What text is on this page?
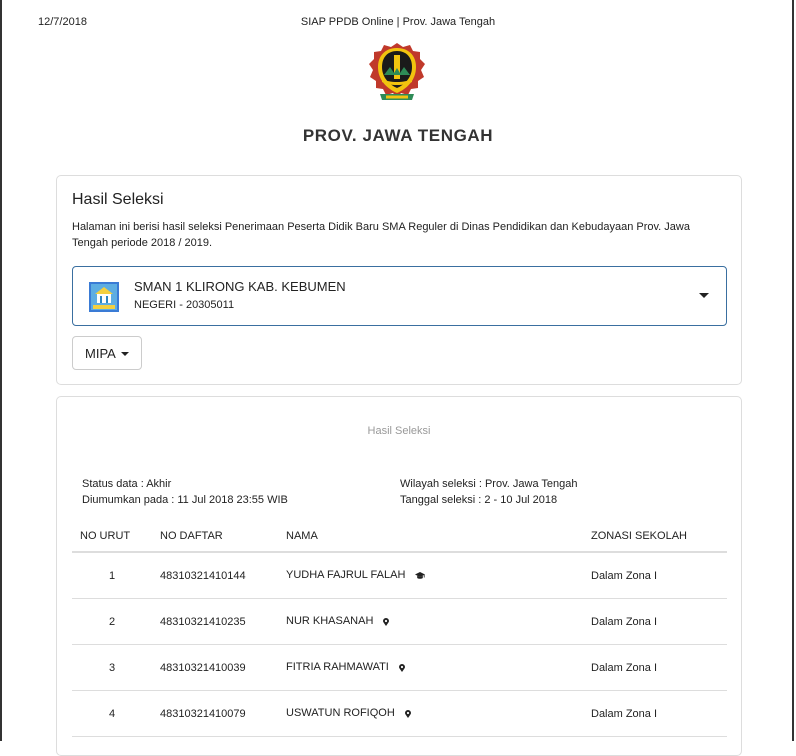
12/7/2018	SIAP PPDB Online | Prov. Jawa Tengah
PROV. JAWA TENGAH
Hasil Seleksi
Halaman ini berisi hasil seleksi Penerimaan Peserta Didik Baru SMA Reguler di Dinas Pendidikan dan Kebudayaan Prov. Jawa Tengah periode 2018 / 2019.
SMAN 1 KLIRONG KAB. KEBUMEN
NEGERI - 20305011
MIPA
Hasil Seleksi
Status data : Akhir
Diumumkan pada : 11 Jul 2018 23:55 WIB
Wilayah seleksi : Prov. Jawa Tengah
Tanggal seleksi : 2 - 10 Jul 2018
NO URUT	NO DAFTAR	NAMA	ZONASI SEKOLAH
1	48310321410144	YUDHA FAJRUL FALAH	Dalam Zona I
2	48310321410235	NUR KHASANAH	Dalam Zona I
3	48310321410039	FITRIA RAHMAWATI	Dalam Zona I
4	48310321410079	USWATUN ROFIQOH	Dalam Zona I
